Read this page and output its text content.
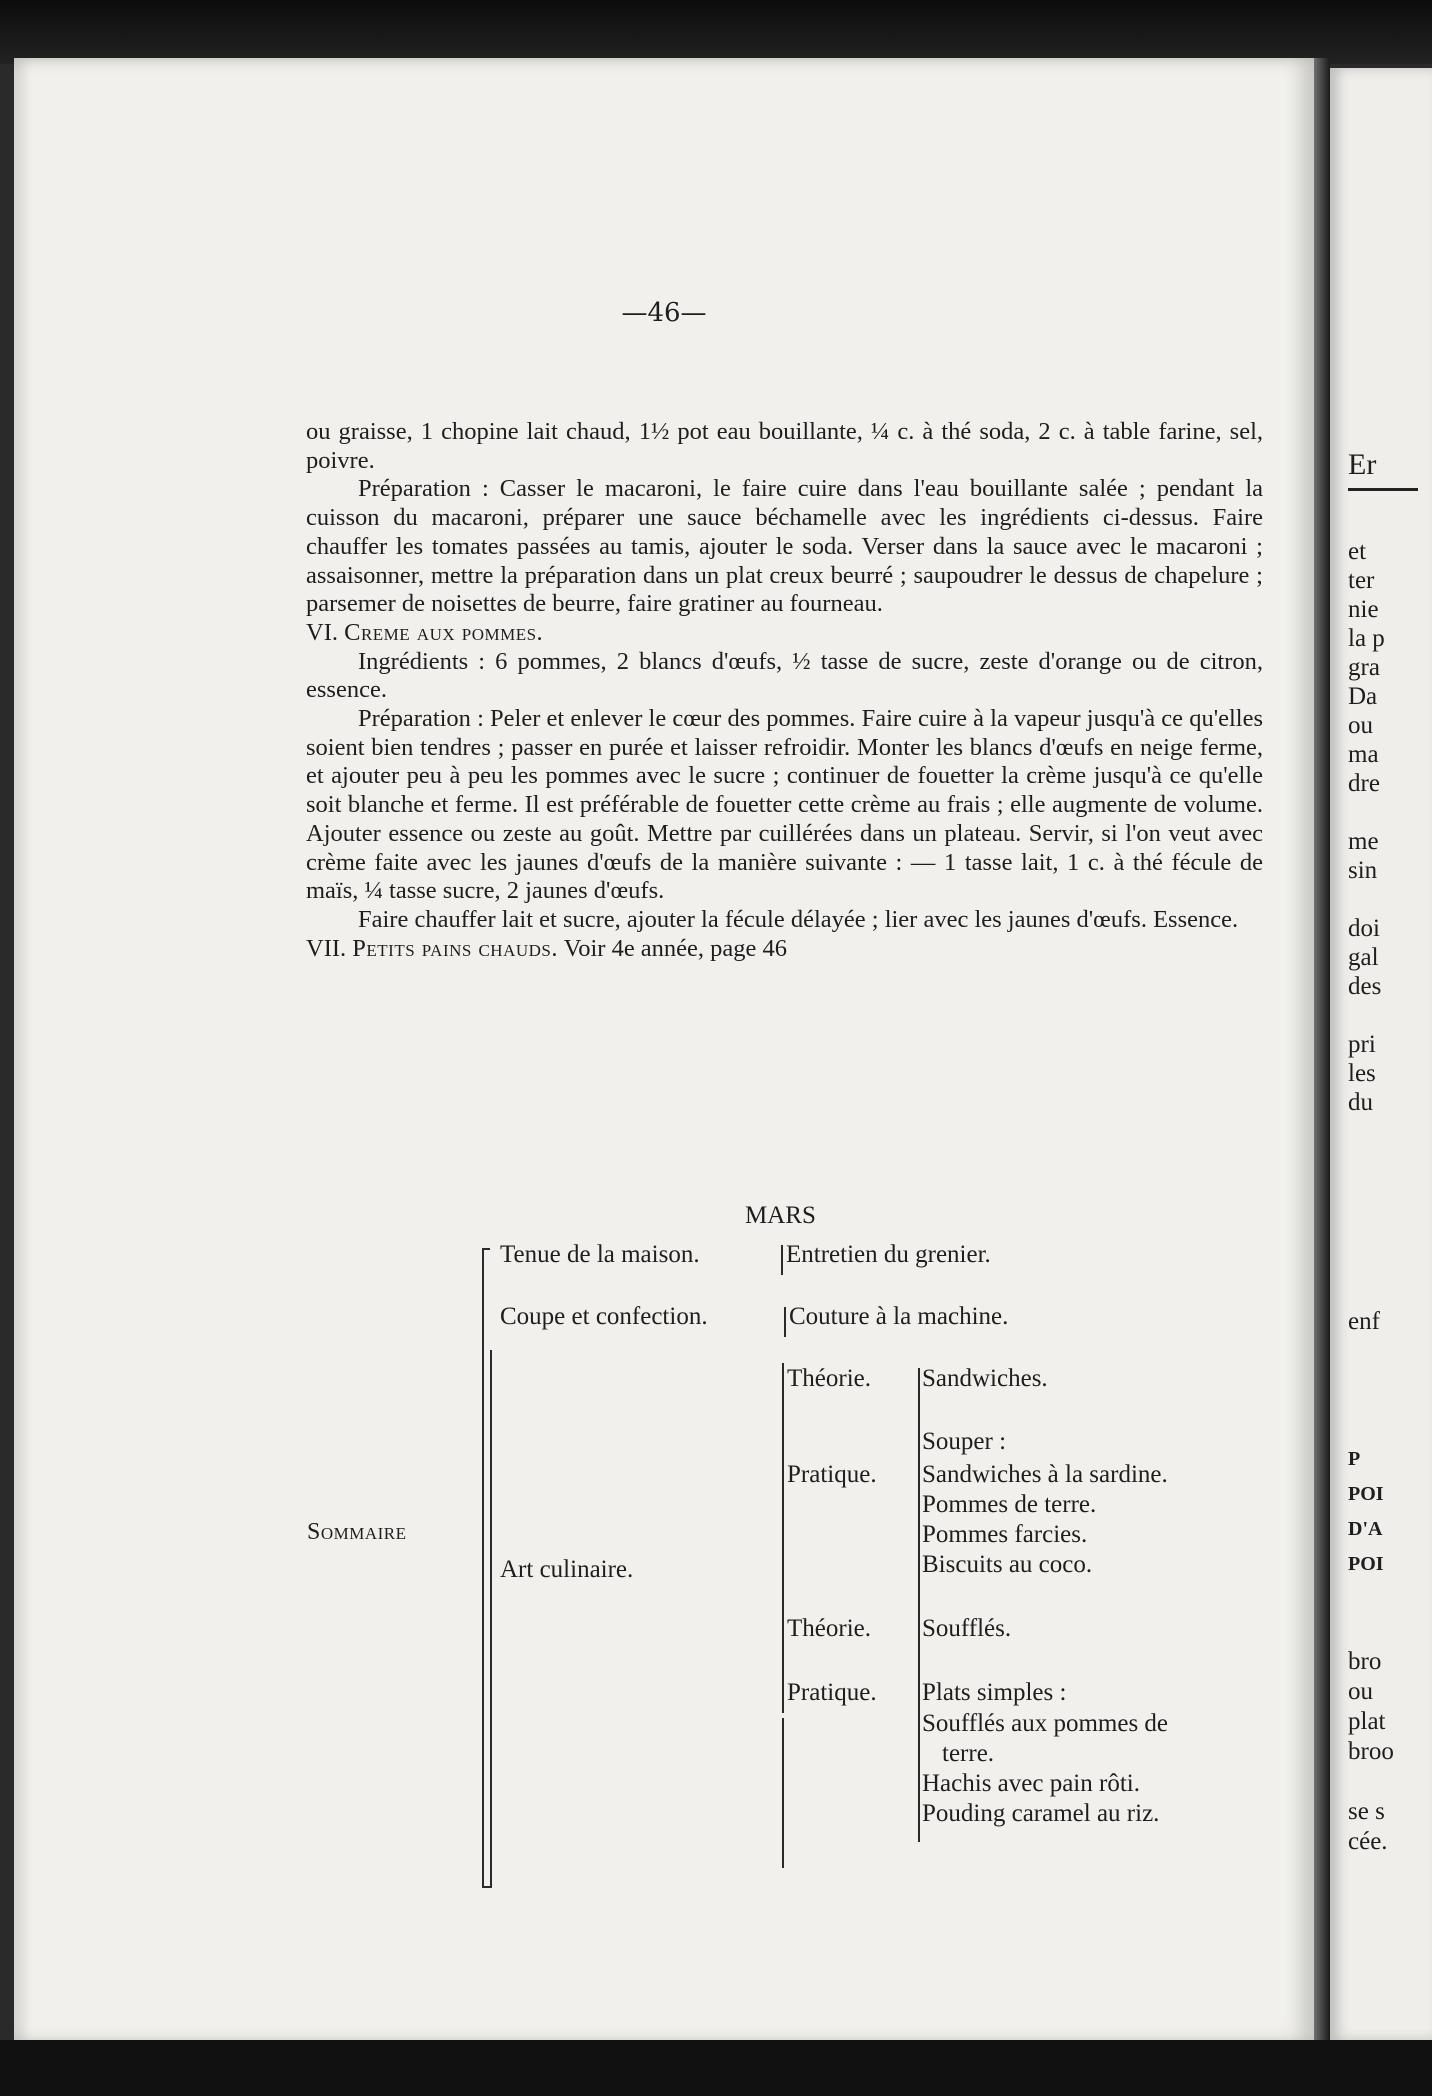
—46—

ou graisse, 1 chopine lait chaud, 1½ pot eau bouillante, ¼ c. à thé soda, 2 c. à table farine, sel, poivre.

Préparation : Casser le macaroni, le faire cuire dans l'eau bouillante salée ; pendant la cuisson du macaroni, préparer une sauce béchamelle avec les ingrédients ci-dessus. Faire chauffer les tomates passées au tamis, ajouter le soda. Verser dans la sauce avec le macaroni ; assaisonner, mettre la préparation dans un plat creux beurré ; saupoudrer le dessus de chapelure ; parsemer de noisettes de beurre, faire gratiner au fourneau.

VI. Creme aux pommes.

Ingrédients : 6 pommes, 2 blancs d'œufs, ½ tasse de sucre, zeste d'orange ou de citron, essence.

Préparation : Peler et enlever le cœur des pommes. Faire cuire à la vapeur jusqu'à ce qu'elles soient bien tendres ; passer en purée et laisser refroidir. Monter les blancs d'œufs en neige ferme, et ajouter peu à peu les pommes avec le sucre ; continuer de fouetter la crème jusqu'à ce qu'elle soit blanche et ferme. Il est préférable de fouetter cette crème au frais ; elle augmente de volume. Ajouter essence ou zeste au goût. Mettre par cuillérées dans un plateau. Servir, si l'on veut avec crème faite avec les jaunes d'œufs de la manière suivante : — 1 tasse lait, 1 c. à thé fécule de maïs, ¼ tasse sucre, 2 jaunes d'œufs.

Faire chauffer lait et sucre, ajouter la fécule délayée ; lier avec les jaunes d'œufs. Essence.

VII. Petits pains chauds. Voir 4e année, page 46

MARS
Sommaire
Tenue de la maison.	Entretien du grenier.
Coupe et confection.	Couture à la machine.
Art culinaire.
Théorie. Sandwiches.
Pratique.
Souper :
Sandwiches à la sardine.
Pommes de terre.
Pommes farcies.
Biscuits au coco.
Théorie. Soufflés.
Pratique. Plats simples :
Soufflés aux pommes de
terre.
Hachis avec pain rôti.
Pouding caramel au riz.
Er
et
ter
nie
la p
gra
Da
ou
ma
dre
me
sin
doi
gal
des
pri
les
du
enf
P
POI
D'A
POI
bro
ou
plat
broo
se s
cée.
